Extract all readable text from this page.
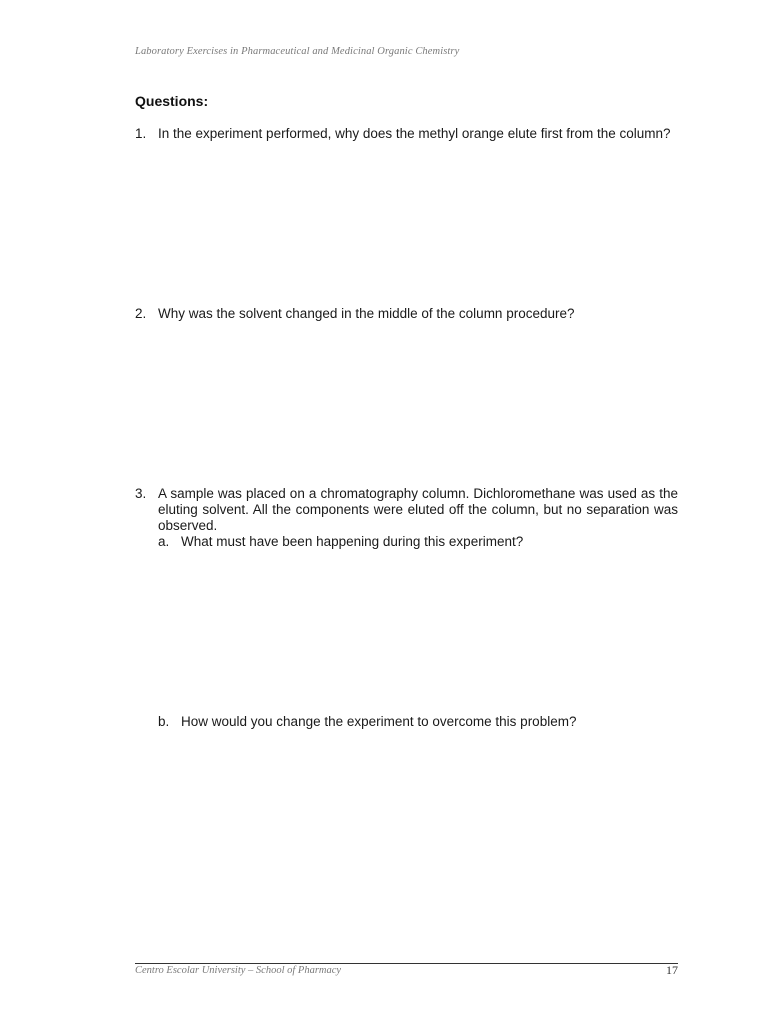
Laboratory Exercises in Pharmaceutical and Medicinal Organic Chemistry
Questions:
1. In the experiment performed, why does the methyl orange elute first from the column?
2. Why was the solvent changed in the middle of the column procedure?
3. A sample was placed on a chromatography column. Dichloromethane was used as the eluting solvent. All the components were eluted off the column, but no separation was observed.
a. What must have been happening during this experiment?
b. How would you change the experiment to overcome this problem?
Centro Escolar University – School of Pharmacy	17
